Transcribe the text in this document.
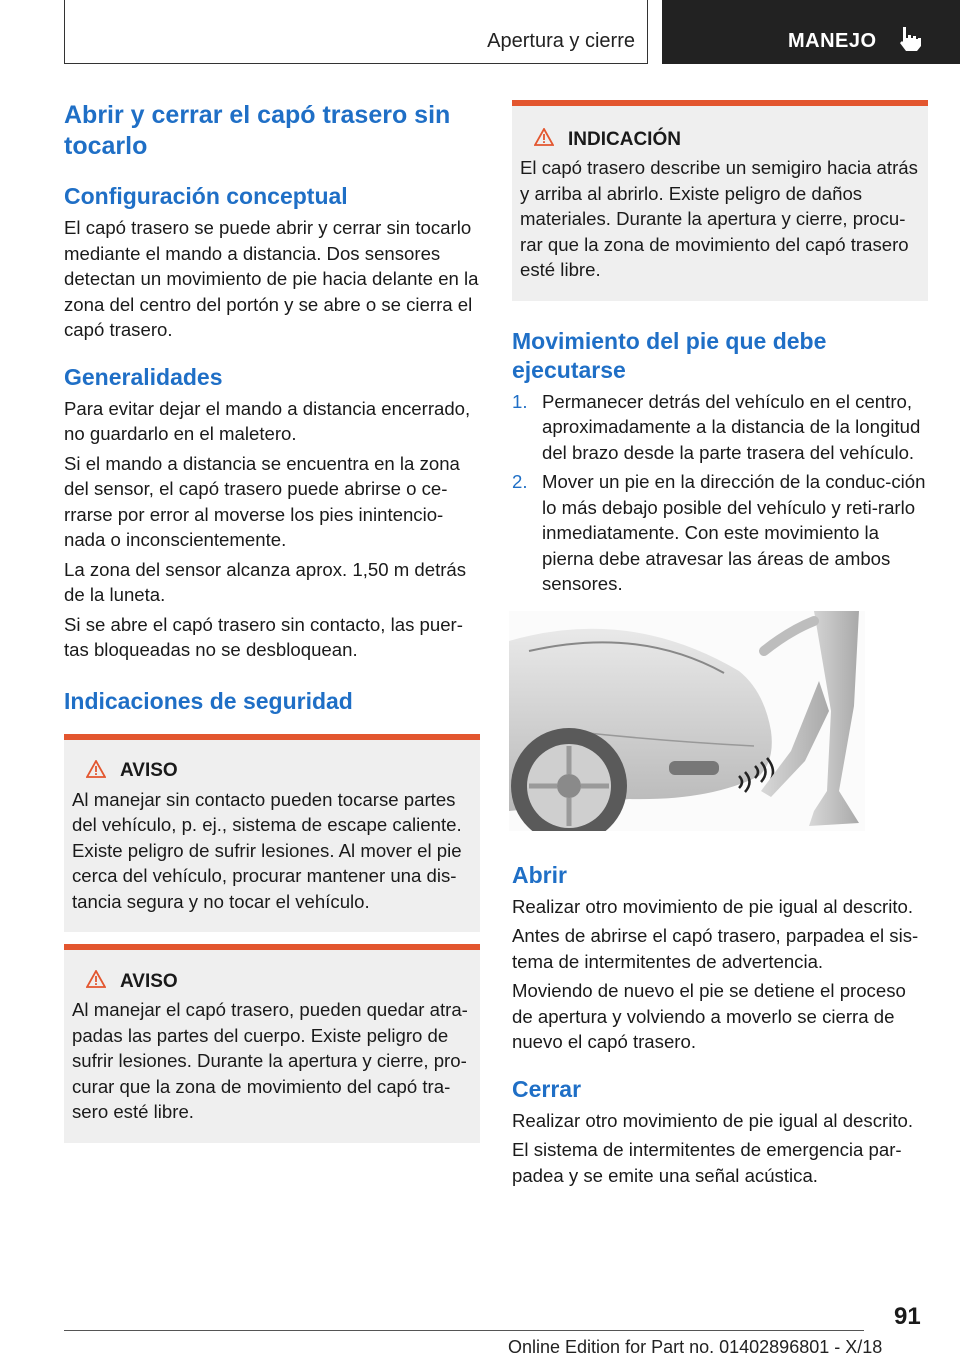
Apertura y cierre	MANEJO
Abrir y cerrar el capó trasero sin tocarlo
Configuración conceptual

El capó trasero se puede abrir y cerrar sin tocarlo mediante el mando a distancia. Dos sensores detectan un movimiento de pie hacia delante en la zona del centro del portón y se abre o se cierra el capó trasero.

Generalidades

Para evitar dejar el mando a distancia encerrado, no guardarlo en el maletero.

Si el mando a distancia se encuentra en la zona del sensor, el capó trasero puede abrirse o ce-rrarse por error al moverse los pies inintencio-nada o inconscientemente.

La zona del sensor alcanza aprox. 1,50 m detrás de la luneta.

Si se abre el capó trasero sin contacto, las puer-tas bloqueadas no se desbloquean.

Indicaciones de seguridad
AVISO

Al manejar sin contacto pueden tocarse partes del vehículo, p. ej., sistema de escape caliente. Existe peligro de sufrir lesiones. Al mover el pie cerca del vehículo, procurar mantener una dis-tancia segura y no tocar el vehículo.

AVISO

Al manejar el capó trasero, pueden quedar atra-padas las partes del cuerpo. Existe peligro de sufrir lesiones. Durante la apertura y cierre, pro-curar que la zona de movimiento del capó tra-sero esté libre.

INDICACIÓN

El capó trasero describe un semigiro hacia atrás y arriba al abrirlo. Existe peligro de daños materiales. Durante la apertura y cierre, procu-rar que la zona de movimiento del capó trasero esté libre.

Movimiento del pie que debe ejecutarse
1. Permanecer detrás del vehículo en el centro, aproximadamente a la distancia de la longitud del brazo desde la parte trasera del vehículo.
2. Mover un pie en la dirección de la conduc-ción lo más debajo posible del vehículo y reti-rarlo inmediatamente. Con este movimiento la pierna debe atravesar las áreas de ambos sensores.
Abrir

Realizar otro movimiento de pie igual al descrito.

Antes de abrirse el capó trasero, parpadea el sis-tema de intermitentes de advertencia.

Moviendo de nuevo el pie se detiene el proceso de apertura y volviendo a moverlo se cierra de nuevo el capó trasero.

Cerrar

Realizar otro movimiento de pie igual al descrito.

El sistema de intermitentes de emergencia par-padea y se emite una señal acústica.

91
Online Edition for Part no. 01402896801 - X/18
